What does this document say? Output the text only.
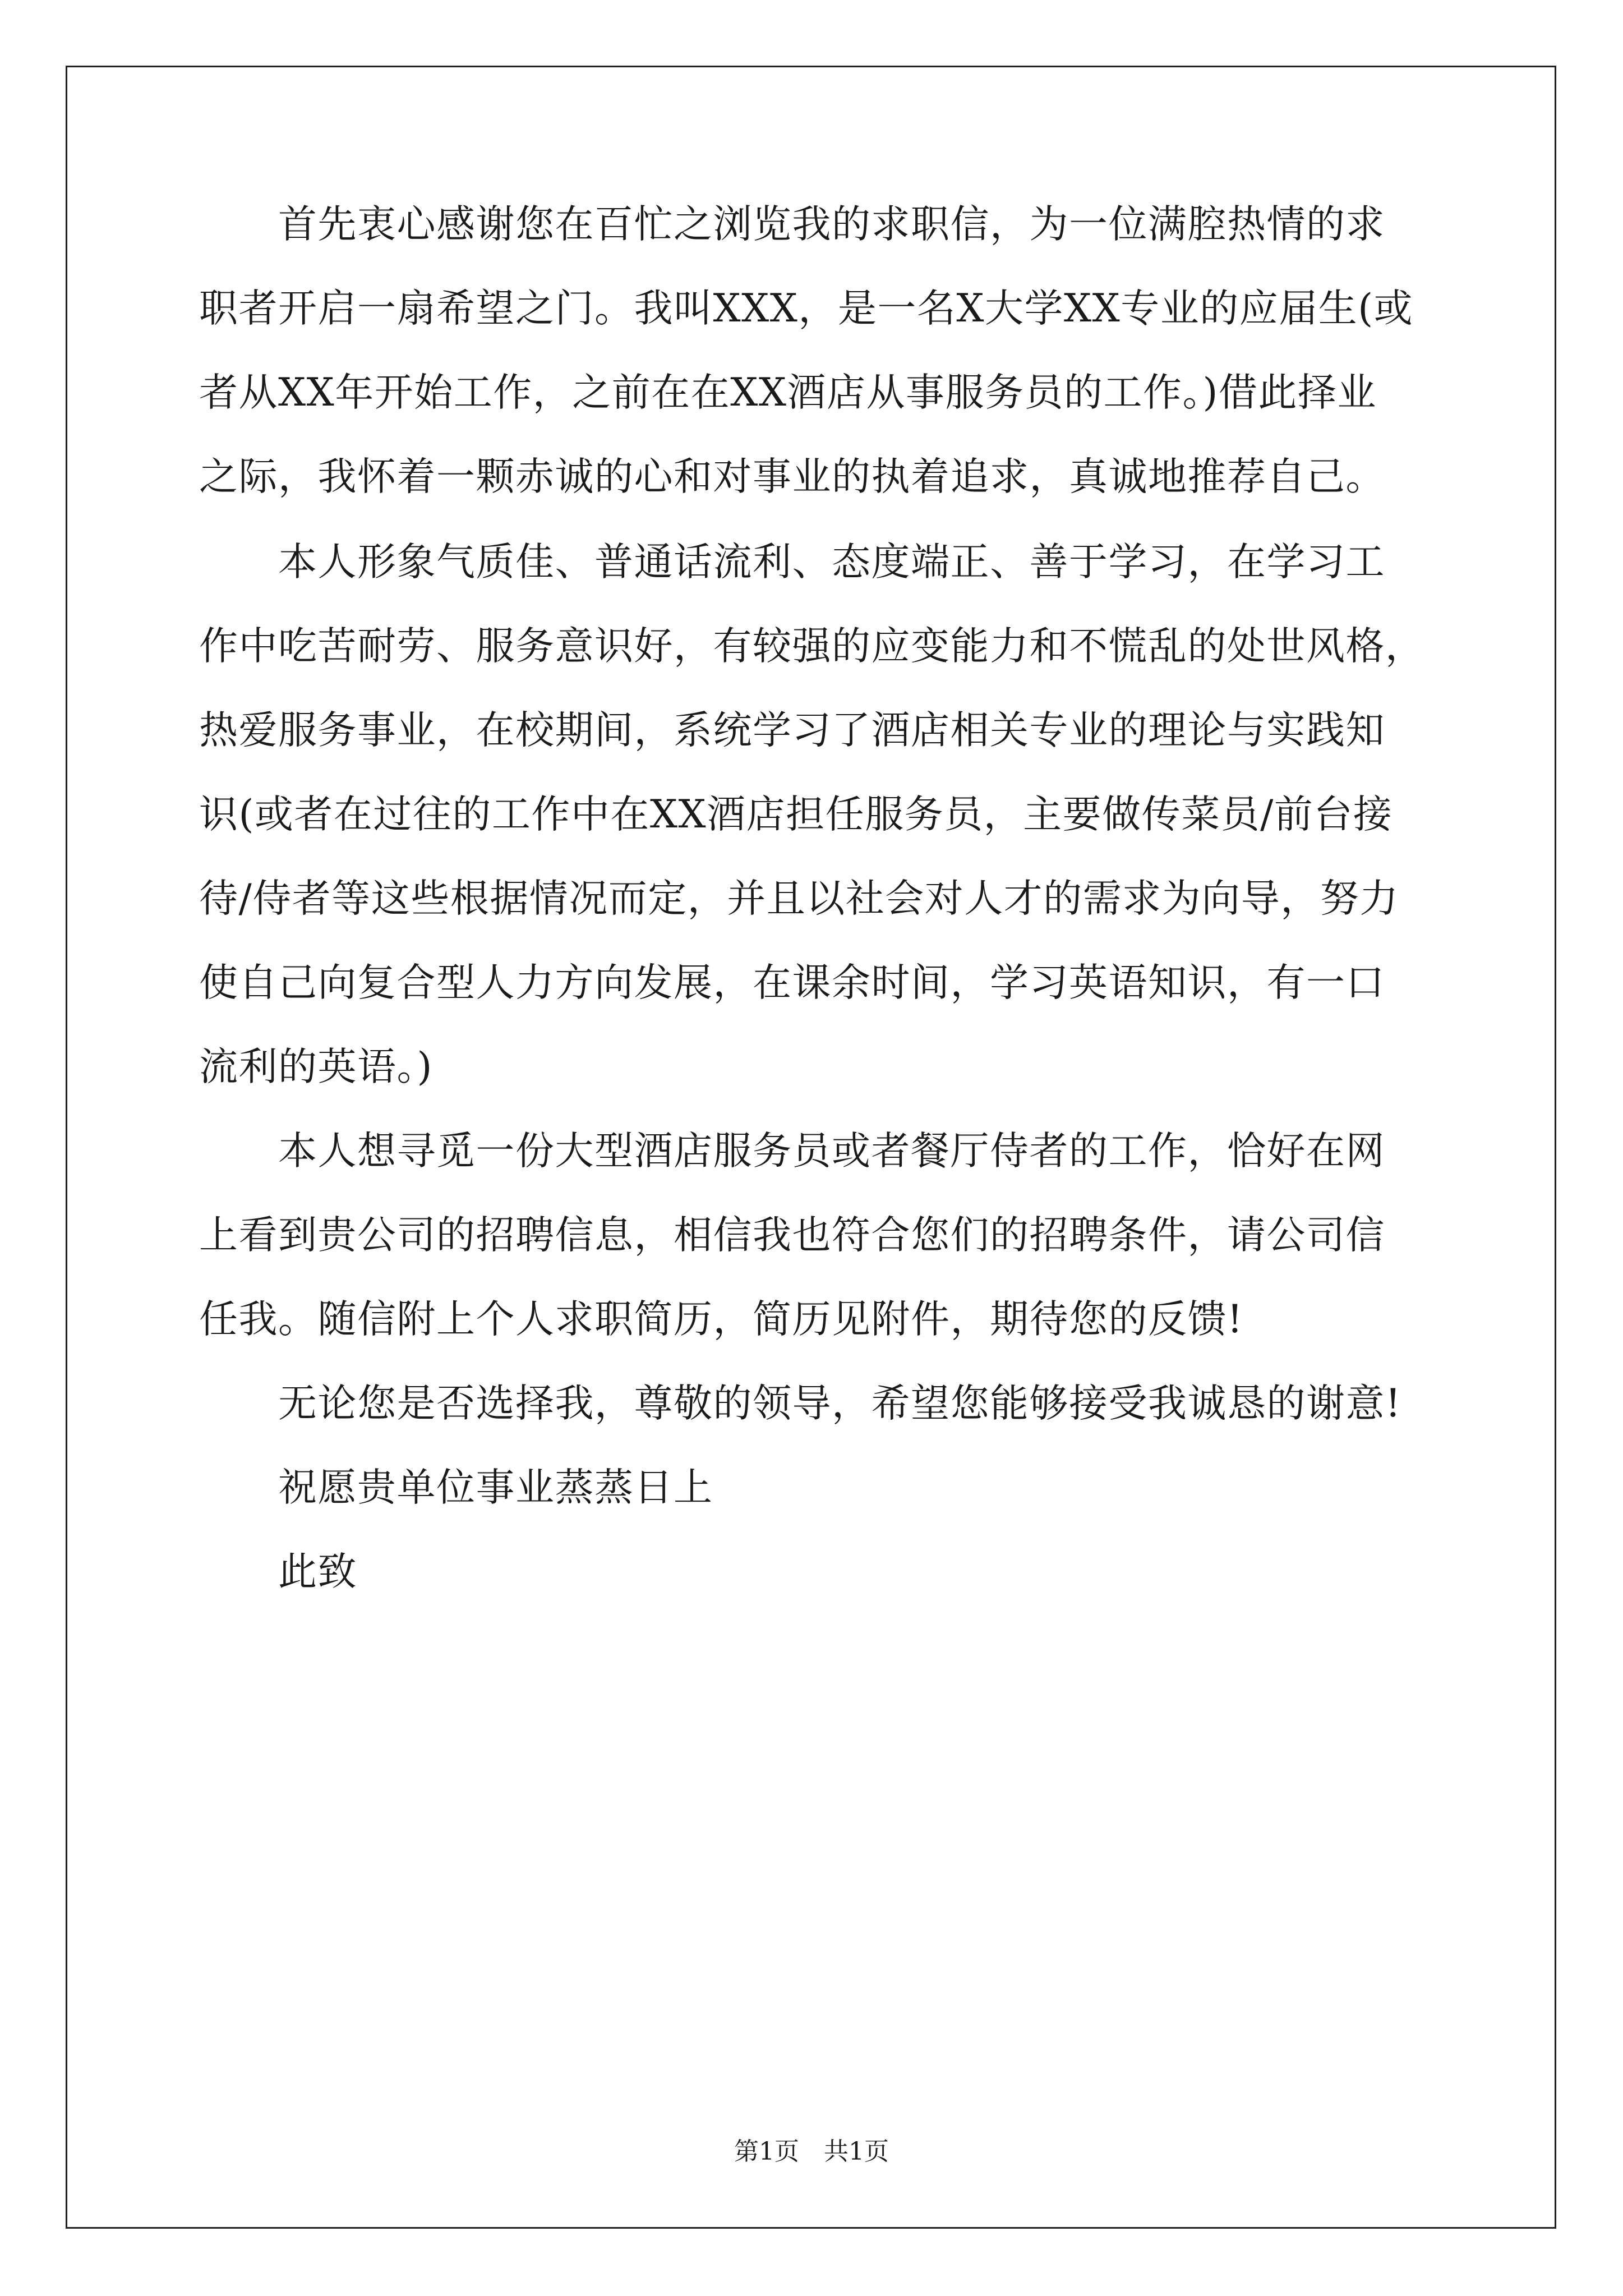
　　首先衷心感谢您在百忙之浏览我的求职信，为一位满腔热情的求
职者开启一扇希望之门。我叫XXX，是一名X大学XX专业的应届生(或
者从XX年开始工作，之前在在XX酒店从事服务员的工作。)借此择业
之际，我怀着一颗赤诚的心和对事业的执着追求，真诚地推荐自己。
　　本人形象气质佳、普通话流利、态度端正、善于学习，在学习工
作中吃苦耐劳、服务意识好，有较强的应变能力和不慌乱的处世风格，
热爱服务事业，在校期间，系统学习了酒店相关专业的理论与实践知
识(或者在过往的工作中在XX酒店担任服务员，主要做传菜员/前台接
待/侍者等这些根据情况而定，并且以社会对人才的需求为向导，努力
使自己向复合型人力方向发展，在课余时间，学习英语知识，有一口
流利的英语。)
　　本人想寻觅一份大型酒店服务员或者餐厅侍者的工作，恰好在网
上看到贵公司的招聘信息，相信我也符合您们的招聘条件，请公司信
任我。随信附上个人求职简历，简历见附件，期待您的反馈!
　　无论您是否选择我，尊敬的领导，希望您能够接受我诚恳的谢意!
　　祝愿贵单位事业蒸蒸日上
　　此致
第1页　共1页
